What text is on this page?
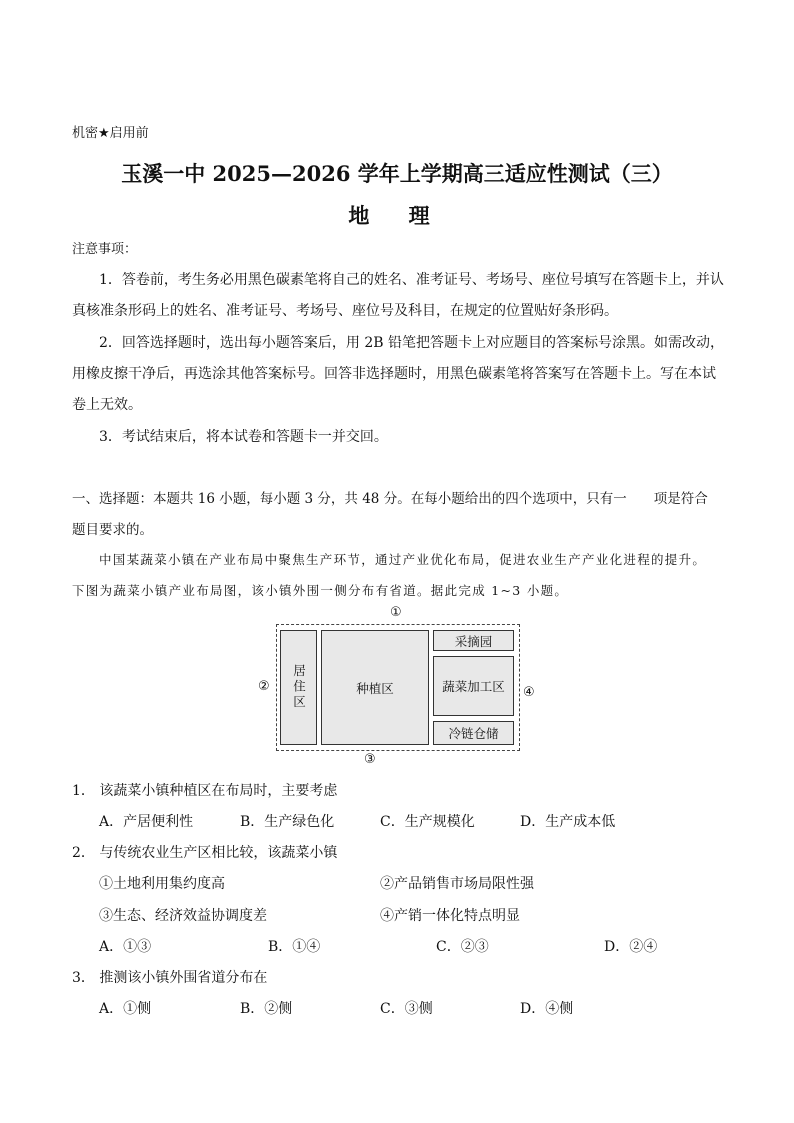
机密★启用前
玉溪一中 2025—2026 学年上学期高三适应性测试（三）
地 理
注意事项：
1．答卷前，考生务必用黑色碳素笔将自己的姓名、准考证号、考场号、座位号填写在答题卡上，并认
真核准条形码上的姓名、准考证号、考场号、座位号及科目，在规定的位置贴好条形码。
2．回答选择题时，选出每小题答案后，用 2B 铅笔把答题卡上对应题目的答案标号涂黑。如需改动，
用橡皮擦干净后，再选涂其他答案标号。回答非选择题时，用黑色碳素笔将答案写在答题卡上。写在本试
卷上无效。
3．考试结束后，将本试卷和答题卡一并交回。
一、选择题：本题共 16 小题，每小题 3 分，共 48 分。在每小题给出的四个选项中，只有一　　项是符合
题目要求的。
中国某蔬菜小镇在产业布局中聚焦生产环节，通过产业优化布局，促进农业生产产业化进程的提升。
下图为蔬菜小镇产业布局图，该小镇外围一侧分布有省道。据此完成 1~3 小题。
①
②
③
④
居住区	种植区
采摘园
蔬菜加工区
冷链仓储
1． 该蔬菜小镇种植区在布局时，主要考虑
A．产居便利性	B．生产绿色化	C．生产规模化	D．生产成本低
2． 与传统农业生产区相比较，该蔬菜小镇
①土地利用集约度高	②产品销售市场局限性强
③生态、经济效益协调度差	④产销一体化特点明显
A．①③	B．①④	C．②③	D．②④
3． 推测该小镇外围省道分布在
A．①侧	B．②侧	C．③侧	D．④侧
